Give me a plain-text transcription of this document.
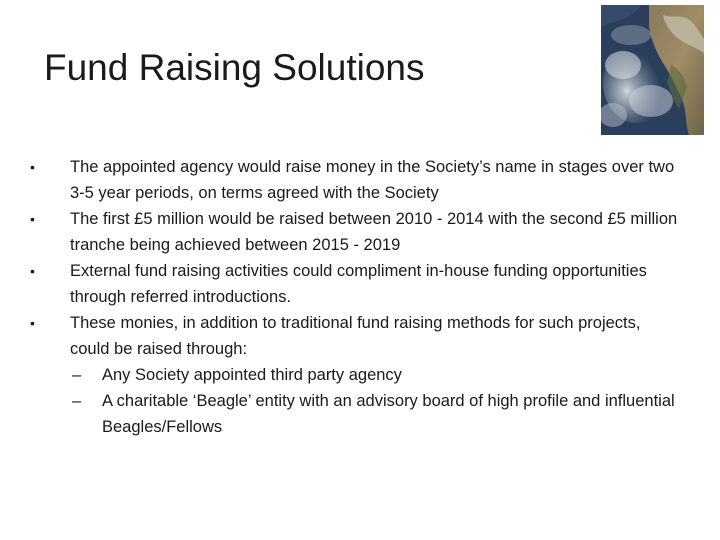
Fund Raising Solutions
•	The appointed agency would raise money in the Society’s name in stages over two 3-5 year periods, on terms agreed with the Society
•	The first £5 million would be raised between 2010 - 2014 with the second £5 million tranche being achieved between 2015 - 2019
•	External fund raising activities could compliment in-house funding opportunities through referred introductions.
•	These monies, in addition to traditional fund raising methods for such projects, could be raised through:
–	Any Society appointed third party agency
–	A charitable ‘Beagle’ entity with an advisory board of high profile and influential Beagles/Fellows
